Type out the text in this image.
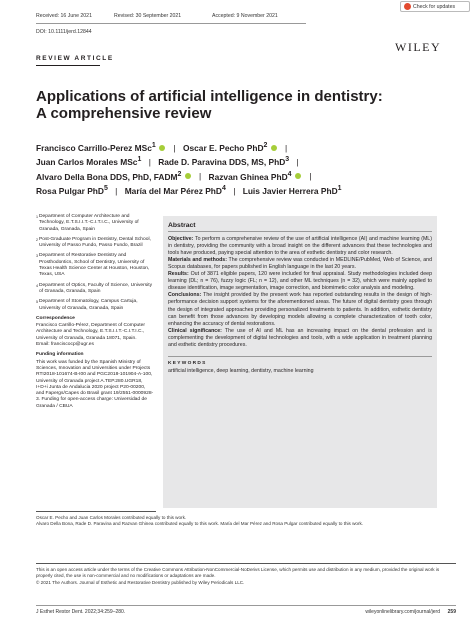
Received: 16 June 2021	Revised: 30 September 2021	Accepted: 9 November 2021
Check for updates
DOI: 10.1111/jerd.12844
WILEY
REVIEW ARTICLE
Applications of artificial intelligence in dentistry:
A comprehensive review
Francisco Carrillo-Perez MSc$^1$ | Oscar E. Pecho PhD$^2$ |
Juan Carlos Morales MSc$^1$ | Rade D. Paravina DDS, MS, PhD$^3$ |
Alvaro Della Bona DDS, PhD, FADM$^2$ | Razvan Ghinea PhD$^4$ |
Rosa Pulgar PhD$^5$ | María del Mar Pérez PhD$^4$ | Luis Javier Herrera PhD$^1$
1 Department of Computer Architecture and Technology, E.T.S.I.I.T.-C.I.T.I.C., University of Granada, Granada, Spain
2 Post-Graduate Program in Dentistry, Dental School, University of Passo Fundo, Passo Fundo, Brazil
3 Department of Restorative Dentistry and Prosthodontics, School of Dentistry, University of Texas Health Science Center at Houston, Houston, Texas, USA
4 Department of Optics, Faculty of Science, University of Granada, Granada, Spain
5 Department of Stomatology, Campus Cartuja, University of Granada, Granada, Spain
Correspondence
Francisco Carrillo-Pérez, Department of Computer Architecture and Technology, E.T.S.I.I.T.-C.I.T.I.C., University of Granada, Granada 18071, Spain.
Email: franciscocp@ugr.es
Funding information
This work was funded by the Spanish Ministry of Sciences, Innovation and Universities under Projects RTI2018-101674-B-I00 and PGC2018-101904-A-100, University of Granada project A.TEP.280.UGR18, I+D+i Junta de Andalucia 2020 project P20-00200, and Fapergs/Capes do Brasil grant 19/2551-0000928-3. Funding for open-access charge: Universidad de Granada / CBUA
Abstract

Objective: To perform a comprehensive review of the use of artificial intelligence (AI) and machine learning (ML) in dentistry, providing the community with a broad insight on the different advances that these technologies and tools have produced, paying special attention to the area of esthetic dentistry and color research.

Materials and methods: The comprehensive review was conducted in MEDLINE/PubMed, Web of Science, and Scopus databases, for papers published in English language in the last 20 years.

Results: Out of 3871 eligible papers, 120 were included for final appraisal. Study methodologies included deep learning (DL; n = 76), fuzzy logic (FL; n = 12), and other ML techniques (n = 32), which were mainly applied to disease identification, image segmentation, image correction, and biomimetic color analysis and modeling.

Conclusions: The insight provided by the present work has reported outstanding results in the design of high-performance decision support systems for the aforementioned areas. The future of digital dentistry goes through the design of integrated approaches providing personalized treatments to patients. In addition, esthetic dentistry can benefit from those advances by developing models allowing a complete characterization of tooth color, enhancing the accuracy of dental restorations.

Clinical significance: The use of AI and ML has an increasing impact on the dental profession and is complementing the development of digital technologies and tools, with a wide application in treatment planning and esthetic dentistry procedures.

KEYWORDS
artificial intelligence, deep learning, dentistry, machine learning
Oscar E. Pecho and Juan Carlos Morales contributed equally to this work.
Alvaro Della Bona, Rade D. Paravina and Razvan Ghinea contributed equally to this work. María del Mar Pérez and Rosa Pulgar contributed equally to this work.
This is an open access article under the terms of the Creative Commons Attribution-NonCommercial-NoDerivs License, which permits use and distribution in any medium, provided the original work is properly cited, the use is non-commercial and no modifications or adaptations are made.
© 2021 The Authors. Journal of Esthetic and Restorative Dentistry published by Wiley Periodicals LLC.
J Esthet Restor Dent. 2022;34:259–280.	wileyonlinelibrary.com/journal/jerd 259
